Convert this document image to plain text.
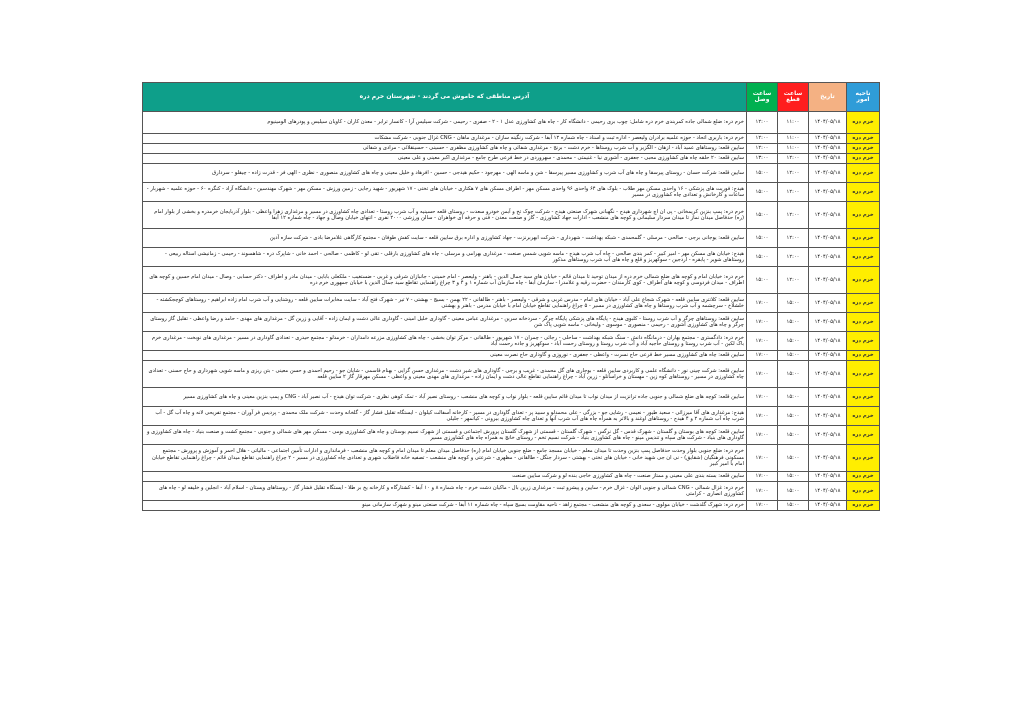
ناحیه امور	تاریخ	ساعت قطع	ساعت وصل	آدرس مناطقی که خاموش می گردند - شهرستان خرم دره
خرم دره	۱۴۰۴/۰۵/۱۸	۱۱:۰۰	۱۲:۰۰	خرم دره: ضلع شمالی جاده کمربندی خرم دره شامل: چوب بری رحیمی - دانشگاه کار - چاه های کشاورزی عدل ۱ - ۲ - صفری - رحیمی - شرکت سیلیس آرا - کانسار ترابر - معدن کاران - کاویان سیلیس و پودرهای الومینیوم
خرم دره	۱۴۰۴/۰۵/۱۸	۱۱:۰۰	۱۲:۰۰	خرم دره: باربری اتحاد - حوزه علمیه برادران ولیعصر - اداره ثبت و اسناد - چاه شماره ۱۲ آبفا - شرکت رنگینه سازان - مرغداری ماهان - CNG غزال جنوبی - شرکت مشکات
خرم دره	۱۴۰۴/۰۵/۱۸	۱۱:۰۰	۱۲:۰۰	سایین قلعه: روستاهای عمید آباد - ازهان - الگزیر و آب شرب روستاها - خرم دشت - برنج - مرغداری شفائی و چاه های کشاورزی مظفری - حسینی - حسینقلائی - مرادی و شفائی
خرم دره	۱۴۰۴/۰۵/۱۸	۱۲:۰۰	۱۳:۰۰	سایین قلعه: ۲۰ حلقه چاه های کشاورزی محبی - جعفری - آشوری نیا - غنیمتی - محمدی - سهروردی در خط فرعی طرح جامع - مرغداری اکبر معینی و علی معینی
خرم دره	۱۴۰۴/۰۵/۱۸	۱۲:۰۰	۱۵:۰۰	سایین قلعه: شرکت حسان - روستای پیرسقا و چاه های آب شرب و کشاورزی مسیر پیرسقا - شن و ماسه الهی - مهرجود - حکیم هیدجی - حسین - افرهاد و خلیل معینی و چاه های کشاورزی منصوری - نظری - الهی فر - قدرت زاده - چیقلو - سردارق
خرم دره	۱۴۰۴/۰۵/۱۸	۱۲:۰۰	۱۵:۰۰	هیدج: فوریت های پزشکی - ۱۶ واحدی مسکن مهر طلاب - بلوک های ۶۴ واحدی ۹۶ واحدی مسکن مهر - اطراف مسکن های ۷ هکتاری - خیابان های تختی - ۱۷ شهریور - شهید رجایی - زمین ورزش - مسکن مهر - شهرک مهندسین - دانشگاه آزاد - کنگره ۶۰ - حوزه علمیه - شهربار - ساعات و کارخانش و تعدادی چاه کشاورزی در مسیر
خرم دره	۱۴۰۴/۰۵/۱۸	۱۲:۰۰	۱۵:۰۰	خرم دره: پمپ بنزین کریمخانی - پی ان اچ شهرداری هیدج - نگهبانی شهرک صنعتی هیدج - شرکت چوک تخ و آبمن خودرو سعدت - روستای قلعه حسینیه و آب شرب روستا - تعدادی چاه کشاورزی در مسیر و مرغداری زهرا واعظی - بلوار آذربایجان خرمدره و بخشی از بلوار امام (ره) حدفاصل میدان نماز تا میدان سردار سلیمانی و کوچه های منشعب - ادارات جهاد کشاورزی - گاز و صنعت معدن - فنی و حرفه ای خواهران - سالن ورزشی ۲۰۰۰ نفری - انتهای خیابان وصال و جهاد - چاه شماره ۱۲ آبفا
خرم دره	۱۴۰۴/۰۵/۱۸	۱۲:۰۰	۱۵:۰۰	سایین قلعه: یوجانی برجی - صالحی - مرسلی - گلمحمدی - شبکه بهداشت - شهرداری - شرکت ابهربرنزت - جهاد کشاورزی و اداره برق سایین قلعه - سایت کفش طوفان - مجتمع کارگاهی غلامرضا بادی - شرکت سازه آذین
خرم دره	۱۴۰۴/۰۵/۱۸	۱۲:۰۰	۱۵:۰۰	هیدج: خیابان های مسکن مهر - امیر کبیر - کمر بندی صالحی - چاه آب شرب هیدج - ماسه شویی شمس صنعت - مرغداری بهرامی و مرسلی - چاه های کشاورزی بارقلی - تقی لو - کاظمی - صالحی - احمد خانی - شاپرک دره - شاهسوند - رحیمی - زمانیشی استاله ربیعی - روستاهای شویر - پابقره - اردجین - سوکهریز و قلع و چاه های آب شرب روستاهای مذکور
خرم دره	۱۴۰۴/۰۵/۱۸	۱۲:۰۰	۱۵:۰۰	خرم دره: خیابان امام و کوچه های ضلع شمالی خرم دره از میدان توحید تا میدان قائم - خیابان های سید جمال الدین - باهنر - ولیعصر - امام خمینی - جانبازان شرقی و غربی - ضستغیب - ملکعلی بابایی - میدان مادر و اطراف - دکتر حسابی - وصال - میدان امام حسین و کوچه های اطراف - میدان فردوسی و کوچه های اطراف - کوی کارمندان - حضرت رقیه و علامدرا - سازمان آبفا - چاه سازمان آب شماره ۱ و ۴ و ۳ چراغ راهنمایی تقاطع سید جمال الدین با خیابان جمهوری خرم دره
خرم دره	۱۴۰۴/۰۵/۱۸	۱۵:۰۰	۱۷:۰۰	سایین قلعه: کلانتری سایین قلعه - شهرک شجاع علی آباد - خیابان های امام - مدرس غربی و شرقی - ولیعصر - باهنر - طالقانی - ۲۲ بهمن - بسیج - بهشتی - ۷ تیر - شهرک فتح آباد - سایت مخابرات سایین قلعه - روشنایی و آب شرب امام زاده ابراهیم - روستاهای کوچجکشته - خلشلاخ - سرچشمه و آب شرب روستاها و چاه های کشاورزی در مسیر - ۵ چراغ راهنمایی تقاطع خیابان امام با خیابان مدرس - باهنر و بهشتی
خرم دره	۱۴۰۴/۰۵/۱۸	۱۵:۰۰	۱۷:۰۰	سایین قلعه: روستاهای چرگر و آب شرب روستا - کلبوی هیدج - پایگاه های پزشکی پایگاه چرگر - سردخانه سرین - مرغداری عباس معینی - گاوداری خلیل امینی - گاوداری عالی دشت و ایمان زاده - آقایی و زرین گل - مرغداری های مهدی - حامد و رضا واعظی - تقلیل گاز روستای چرگر و چاه های کشاورزی آشوری - رحیمی - منصوری - موسوی - ولیخانی - ماسه شویی پاک شن
خرم دره	۱۴۰۴/۰۵/۱۸	۱۵:۰۰	۱۷:۰۰	خرم دره: دادگستری - مجتمع بهاران - درمانگاه دانش - سنگ شبکه بهداشت - ساحلی - رجائی - چمران - ۱۷ شهریور - طالقانی - مرکز توان بخشی - چاه های کشاورزی مزرعه دامداران - خرمدلو - مجتمع حیدری - تعدادی گاوداری در مسیر - مرغداری های نوبخت - مرغداری خرم باک لکین - آب شرب روستا و روستای حاجیه آباد و آب شرب روستا و روستای رحمت آباد - سوکهریز و جاده رحمت آباد
خرم دره	۱۴۰۴/۰۵/۱۸	۱۵:۰۰	۱۷:۰۰	سایین قلعه: چاه های کشاورزی مسیر خط فرعی حاج نسرت - واعظی - جعفری - نوروزی و گاوداری حاج نصرت معینی
خرم دره	۱۴۰۴/۰۵/۱۸	۱۵:۰۰	۱۷:۰۰	سایین قلعه: شرکت چینی نور - دانشگاه علمی و کاربردی سایین قلعه - بوجاری های گل محمدی - غریب و برجی - گاوداری های شیر دشت - مرغداری حسن گرایی - بهنام قاسمی - شایان جو - رحیم احمدی و حسن معینی - بتن ریزی و ماسه شویی شهرداری و حاج حسنی - تعدادی چاه کشاورزی در مسیر - روستاهای کوه زین - مهستان و خراسانلو - زرین آباد - چراغ راهنمایی تقاطع عالی دشت و ایمان زاده - مرغداری های مهدی معینی و واعظی - مسکن مهرقار گاز ۲ سایین قلعه
خرم دره	۱۴۰۴/۰۵/۱۸	۱۵:۰۰	۱۷:۰۰	سایین قلعه: کوچه های ضلع شمالی و جنوبی جاده ترانزیت از میدان نواب تا میدان قائم سایین قلعه - بلوار نواب و کوچه های منشعب - روستای نصیر آباد - تمک کوهی نظری - شرکت توان هیدج - آب نصیر آباد - CNG و پمپ بنزین معینی و چاه های کشاورزی مسیر
خرم دره	۱۴۰۴/۰۵/۱۸	۱۵:۰۰	۱۷:۰۰	هیدج: مرغداری های آقا میرزائی - سعید طیور - نعیمی - رشایی جو - بزرگی - علی محمدلو و سبید پر - تعدای گاوداری در مسیر - کارخانه آسفالت کیلوان - ایستگاه تقلیل فشار گاز - گلخانه وحدت - شرکت ملک محمدی - پردیس فر آوران - مجتمع تفریحی لانه و چاه آب گل - آب شرب چاه آب شماره ۲ و ۴ هیدج - روستاهای اوغند و بالاتر به همراه چاه های آب شرب آنها و تعدای چاه کشاورزی بیرونی - کیانمهر - جلیلی
خرم دره	۱۴۰۴/۰۵/۱۸	۱۵:۰۰	۱۷:۰۰	سایین قلعه: کوچه های بوستان و گلستان - شهرک قدس - گل نرگس - شهرک گلستان - قسمتی از شهرک گلستان پرورش اجتماعی و قسمتی از شهرک نسیم بوستان و چاه های کشاورزی بومی - مسکن مهر های شمالی و جنوبی - مجتمع کشت و صنعت بنیاد - چاه های کشاورزی و گاوداری های بنیاد - شرکت های سپاه و تندیس مینو - چاه های کشاورزی بنیاد - شرکت نسیم تخم - روستای خانچ به همراه چاه های کشاورزی مسیر
خرم دره	۱۴۰۴/۰۵/۱۸	۱۵:۰۰	۱۷:۰۰	خرم دره: ضلع جنوبی بلوار وحدت حدفاصل پمپ بنزین وحدت تا میدان معلم - خیابان مسجد جامع - ضلع جنوبی خیابان امام (ره) حدفاصل میدان معلم تا میدان امام و کوچه های منشعب - فرمانداری و ادارات تأمین اجتماعی - مالیاتی - هلال احمر و آموزش و پرورش - مجتمع مسکونی فرهنگیان (شقایق) - نی ان جی شهید خانی - خیابان های تختی - بهشتی - سردار جنگل - طالقانی - مظهری - شرعتی و کوچه های منشعب - تصفیه خانه فاضلاب شهری و تعدادی چاه کشاورزی در مسیر - ۲ چراغ راهنمایی تقاطع میدان قائم - چراغ راهنمایی تقاطع خیابان امام با امیر کبیر
خرم دره	۱۴۰۴/۰۵/۱۸	۱۵:۰۰	۱۷:۰۰	سایین قلعه: بسته بندی علی معینی و ممتاز صنعت - چاه های کشاورزی خاجی بنده لو و شرکت سایین صنعت
خرم دره	۱۴۰۴/۰۵/۱۸	۱۵:۰۰	۱۷:۰۰	خرم دره: غزال شمالی - CNG شمالی و جنوبی الوان - غزال خرم - سایین و پیشرو ثبت - مرغداری زرین بال - ماکیان دشت خرم - چاه شماره ۸ و ۱۰ آبفا - کشتارگاه و کارخانه یخ بر طلا - ایستگاه تقلیل فشار گاز - روستاهای ویستان - اسلام آباد - انجلین و خلیفه لو - چاه های کشاورزی انصاری - کرامتی
خرم دره	۱۴۰۴/۰۵/۱۸	۱۵:۰۰	۱۷:۰۰	خرم دره: شهرک گلدشت - خیابان مولوی - سعدی و کوچه های منشعب - مجتمع زاهد - ناحیه مقاومت بسیج سپاه - چاه شماره ۱۱ آبفا - شرکت صنعتی مینو و شهرک سازمانی مینو
